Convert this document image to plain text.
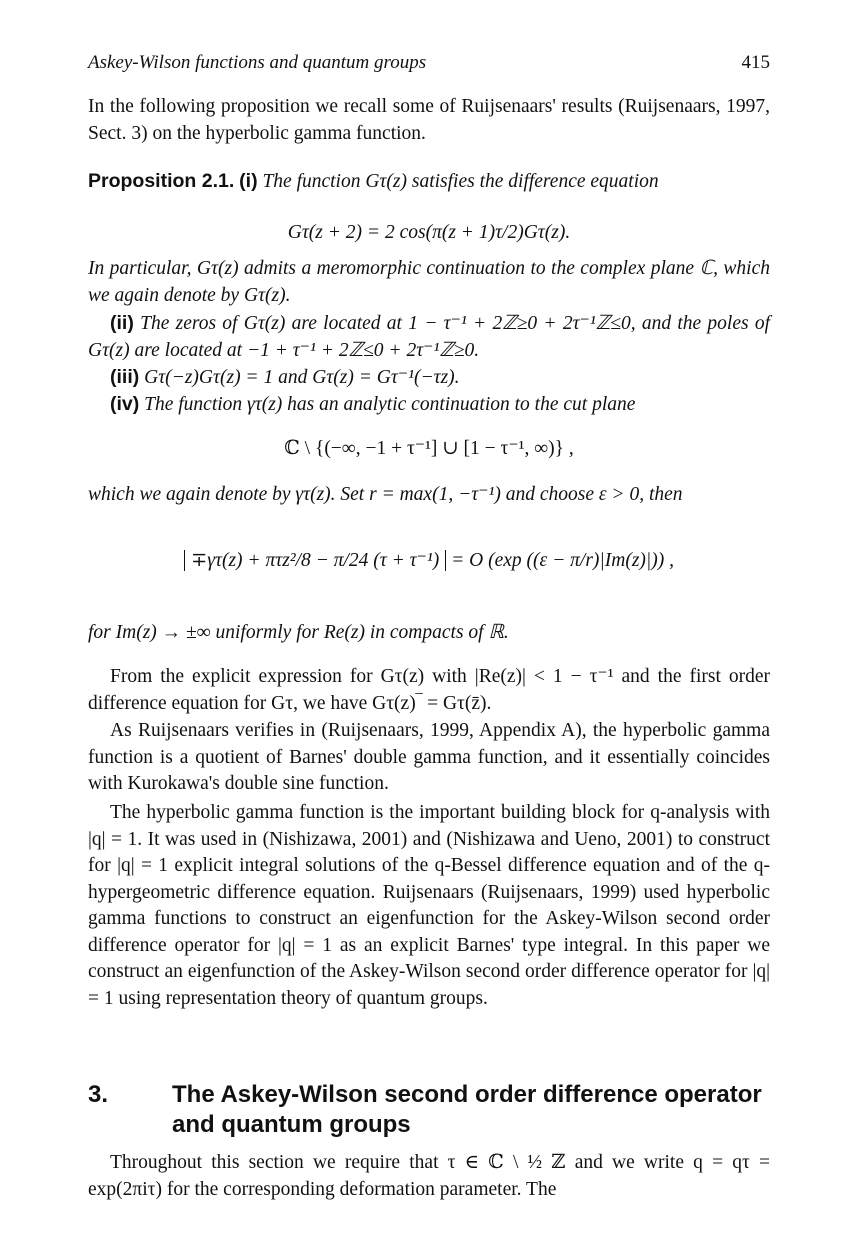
Askey-Wilson functions and quantum groups	415
In the following proposition we recall some of Ruijsenaars' results (Ruijsenaars, 1997, Sect. 3) on the hyperbolic gamma function.
Proposition 2.1. (i) The function Gτ(z) satisfies the difference equation
Gτ(z + 2) = 2 cos(π(z + 1)τ/2)Gτ(z).
In particular, Gτ(z) admits a meromorphic continuation to the complex plane ℂ, which we again denote by Gτ(z).
(ii) The zeros of Gτ(z) are located at 1 − τ⁻¹ + 2ℤ≥0 + 2τ⁻¹ℤ≤0, and the poles of Gτ(z) are located at −1 + τ⁻¹ + 2ℤ≤0 + 2τ⁻¹ℤ≥0.
(iii) Gτ(−z)Gτ(z) = 1 and Gτ(z) = Gτ⁻¹(−τz).
(iv) The function γτ(z) has an analytic continuation to the cut plane
ℂ \ {(−∞, −1 + τ⁻¹] ∪ [1 − τ⁻¹, ∞)} ,
which we again denote by γτ(z). Set r = max(1, −τ⁻¹) and choose ε > 0, then
∓γτ(z) + πτz²/8 − π/24 (τ + τ⁻¹) = O (exp ((ε − π/r)|Im(z)|)) ,
for Im(z) → ±∞ uniformly for Re(z) in compacts of ℝ.
From the explicit expression for Gτ(z) with |Re(z)| < 1 − τ⁻¹ and the first order difference equation for Gτ, we have Gτ(z)‾ = Gτ(z̄).
As Ruijsenaars verifies in (Ruijsenaars, 1999, Appendix A), the hyperbolic gamma function is a quotient of Barnes' double gamma function, and it essentially coincides with Kurokawa's double sine function.
The hyperbolic gamma function is the important building block for q-analysis with |q| = 1. It was used in (Nishizawa, 2001) and (Nishizawa and Ueno, 2001) to construct for |q| = 1 explicit integral solutions of the q-Bessel difference equation and of the q-hypergeometric difference equation. Ruijsenaars (Ruijsenaars, 1999) used hyperbolic gamma functions to construct an eigenfunction for the Askey-Wilson second order difference operator for |q| = 1 as an explicit Barnes' type integral. In this paper we construct an eigenfunction of the Askey-Wilson second order difference operator for |q| = 1 using representation theory of quantum groups.
3.	The Askey-Wilson second order difference operator and quantum groups
Throughout this section we require that τ ∈ ℂ \ ½ ℤ and we write q = qτ = exp(2πiτ) for the corresponding deformation parameter. The
